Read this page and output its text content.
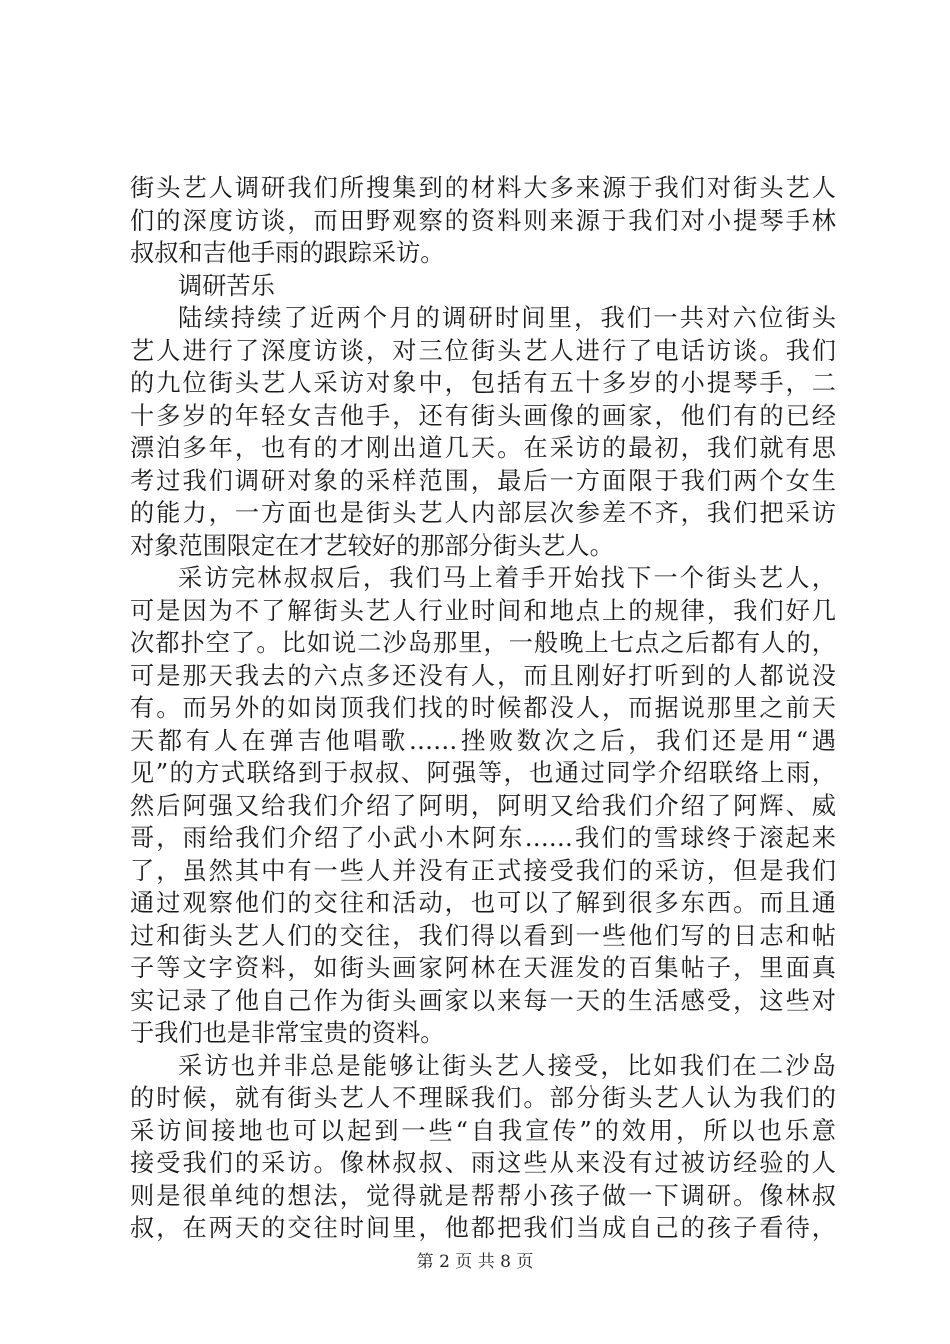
街头艺人调研我们所搜集到的材料大多来源于我们对街头艺人
们的深度访谈，而田野观察的资料则来源于我们对小提琴手林
叔叔和吉他手雨的跟踪采访。
调研苦乐
陆续持续了近两个月的调研时间里，我们一共对六位街头
艺人进行了深度访谈，对三位街头艺人进行了电话访谈。我们
的九位街头艺人采访对象中，包括有五十多岁的小提琴手，二
十多岁的年轻女吉他手，还有街头画像的画家，他们有的已经
漂泊多年，也有的才刚出道几天。在采访的最初，我们就有思
考过我们调研对象的采样范围，最后一方面限于我们两个女生
的能力，一方面也是街头艺人内部层次参差不齐，我们把采访
对象范围限定在才艺较好的那部分街头艺人。
采访完林叔叔后，我们马上着手开始找下一个街头艺人，
可是因为不了解街头艺人行业时间和地点上的规律，我们好几
次都扑空了。比如说二沙岛那里，一般晚上七点之后都有人的，
可是那天我去的六点多还没有人，而且刚好打听到的人都说没
有。而另外的如岗顶我们找的时候都没人，而据说那里之前天
天都有人在弹吉他唱歌……挫败数次之后，我们还是用“遇
见”的方式联络到于叔叔、阿强等，也通过同学介绍联络上雨，
然后阿强又给我们介绍了阿明，阿明又给我们介绍了阿辉、威
哥，雨给我们介绍了小武小木阿东……我们的雪球终于滚起来
了，虽然其中有一些人并没有正式接受我们的采访，但是我们
通过观察他们的交往和活动，也可以了解到很多东西。而且通
过和街头艺人们的交往，我们得以看到一些他们写的日志和帖
子等文字资料，如街头画家阿林在天涯发的百集帖子，里面真
实记录了他自己作为街头画家以来每一天的生活感受，这些对
于我们也是非常宝贵的资料。
采访也并非总是能够让街头艺人接受，比如我们在二沙岛
的时候，就有街头艺人不理睬我们。部分街头艺人认为我们的
采访间接地也可以起到一些“自我宣传”的效用，所以也乐意
接受我们的采访。像林叔叔、雨这些从来没有过被访经验的人
则是很单纯的想法，觉得就是帮帮小孩子做一下调研。像林叔
叔，在两天的交往时间里，他都把我们当成自己的孩子看待，
第 2 页 共 8 页
